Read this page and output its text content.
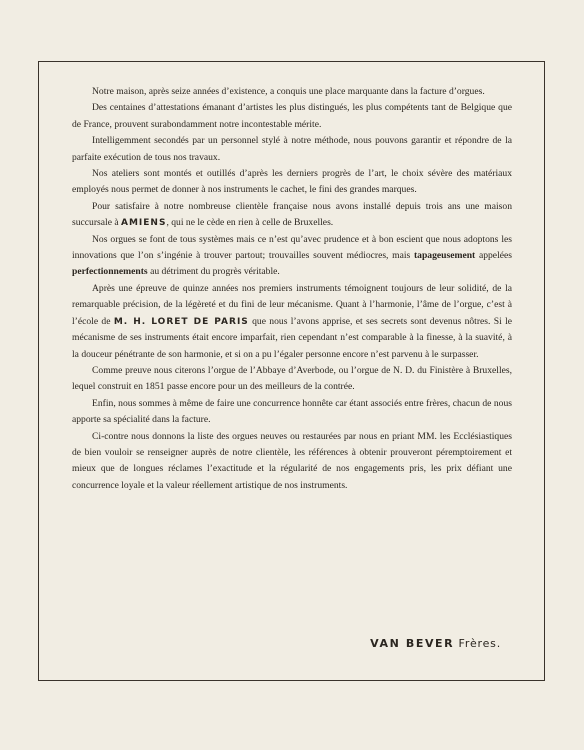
Notre maison, après seize années d’existence, a conquis une place marquante dans la facture d’orgues.

Des centaines d’attestations émanant d’artistes les plus distingués, les plus compétents tant de Belgique que de France, prouvent surabondamment notre incontestable mérite.

Intelligemment secondés par un personnel stylé à notre méthode, nous pouvons garantir et répondre de la parfaite exécution de tous nos travaux.

Nos ateliers sont montés et outillés d’après les derniers progrès de l’art, le choix sévère des matériaux employés nous permet de donner à nos instruments le cachet, le fini des grandes marques.

Pour satisfaire à notre nombreuse clientèle française nous avons installé depuis trois ans une maison succursale à AMIENS, qui ne le cède en rien à celle de Bruxelles.

Nos orgues se font de tous systèmes mais ce n’est qu’avec prudence et à bon escient que nous adoptons les innovations que l’on s’ingénie à trouver partout; trouvailles souvent médiocres, mais tapageusement appelées perfectionnements au détriment du progrès véritable.

Après une épreuve de quinze années nos premiers instruments témoignent toujours de leur solidité, de la remarquable précision, de la légèreté et du fini de leur mécanisme. Quant à l’harmonie, l’âme de l’orgue, c’est à l’école de M. H. LORET DE PARIS que nous l’avons apprise, et ses secrets sont devenus nôtres. Si le mécanisme de ses instruments était encore imparfait, rien cependant n’est comparable à la finesse, à la suavité, à la douceur pénétrante de son harmonie, et si on a pu l’égaler personne encore n’est parvenu à le surpasser.

Comme preuve nous citerons l’orgue de l’Abbaye d’Averbode, ou l’orgue de N. D. du Finistère à Bruxelles, lequel construit en 1851 passe encore pour un des meilleurs de la contrée.

Enfin, nous sommes à même de faire une concurrence honnête car étant associés entre frères, chacun de nous apporte sa spécialité dans la facture.

Ci-contre nous donnons la liste des orgues neuves ou restaurées par nous en priant MM. les Ecclésiastiques de bien vouloir se renseigner auprès de notre clientèle, les références à obtenir prouveront péremptoirement et mieux que de longues réclames l’exactitude et la régularité de nos engagements pris, les prix défiant une concurrence loyale et la valeur réellement artistique de nos instruments.

VAN BEVER Frères.
